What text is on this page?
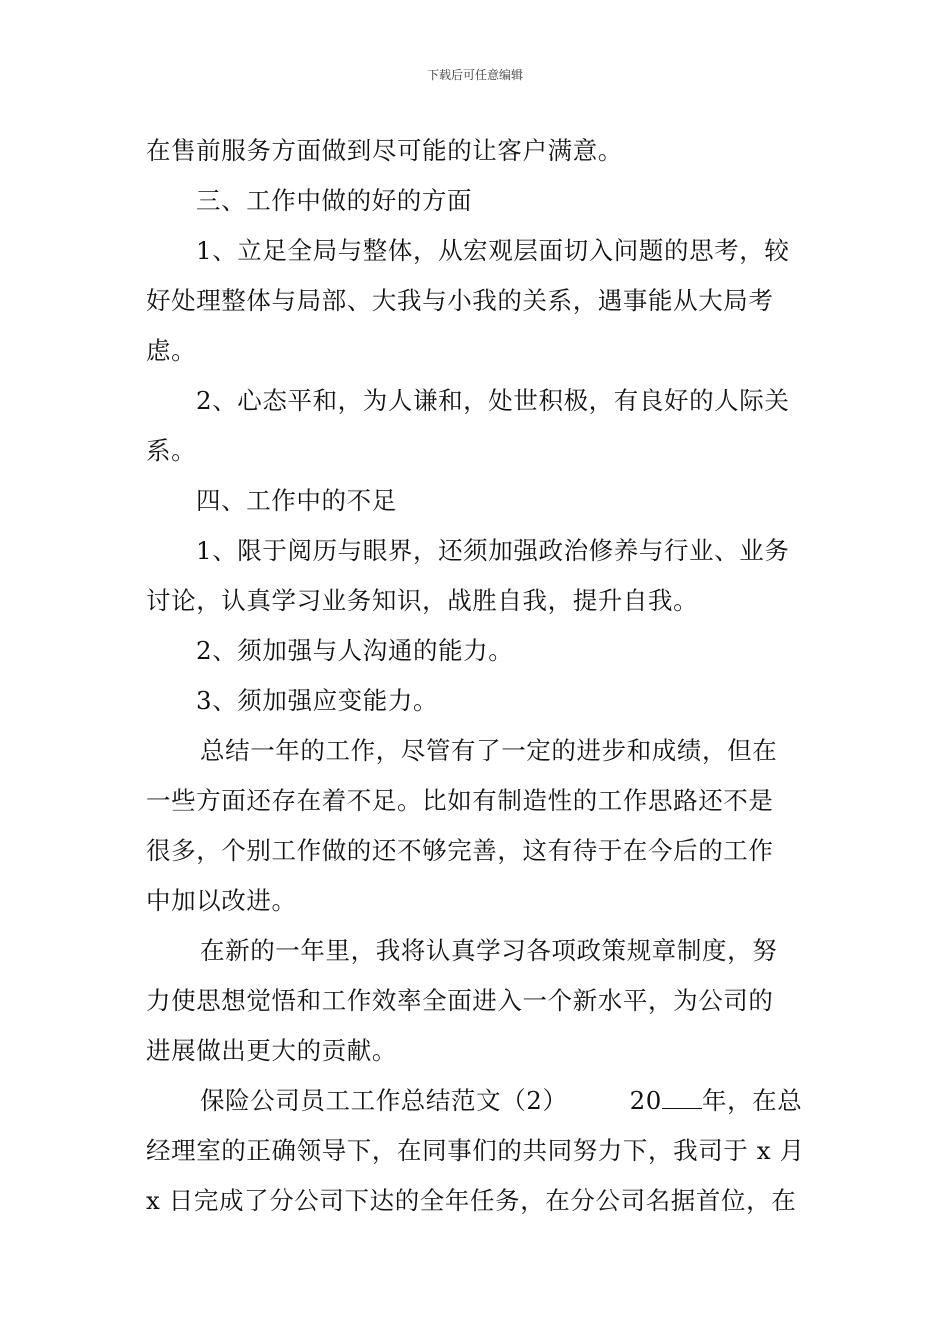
下载后可任意编辑

在售前服务方面做到尽可能的让客户满意。

三、工作中做的好的方面

1、立足全局与整体，从宏观层面切入问题的思考，较

好处理整体与局部、大我与小我的关系，遇事能从大局考

虑。

2、心态平和，为人谦和，处世积极，有良好的人际关

系。

四、工作中的不足

1、限于阅历与眼界，还须加强政治修养与行业、业务

讨论，认真学习业务知识，战胜自我，提升自我。

2、须加强与人沟通的能力。

3、须加强应变能力。

总结一年的工作，尽管有了一定的进步和成绩，但在

一些方面还存在着不足。比如有制造性的工作思路还不是

很多，个别工作做的还不够完善，这有待于在今后的工作

中加以改进。

在新的一年里，我将认真学习各项政策规章制度，努

力使思想觉悟和工作效率全面进入一个新水平，为公司的

进展做出更大的贡献。

保险公司员工工作总结范文（2）	20 年，在总

经理室的正确领导下，在同事们的共同努力下，我司于 x 月

x 日完成了分公司下达的全年任务，在分公司名据首位，在
